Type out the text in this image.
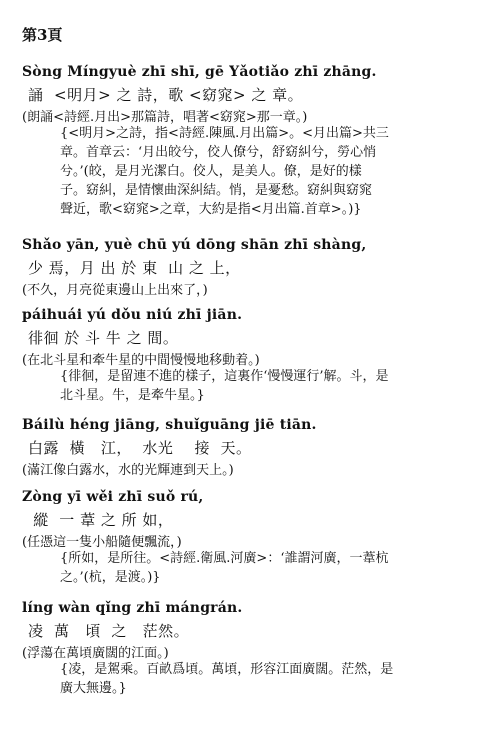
第3頁
Sòng Míngyuè zhī shī, gē Yǎotiǎo zhī zhāng.
誦  <明月> 之 詩，歌 <窈窕> 之 章。
(朗誦<詩經.月出>那篇詩，唱著<窈窕>那一章。)
{<明月>之詩，指<詩經.陳風.月出篇>。<月出篇>共三
章。首章云：‘月出皎兮，佼人僚兮，舒窈糾兮，勞心悄
兮。’(皎，是月光潔白。佼人，是美人。僚，是好的樣
子。窈糾，是情懷曲深糾結。悄，是憂愁。窈糾與窈窕
聲近，歌<窈窕>之章，大約是指<月出篇.首章>。)}
Shǎo yān, yuè chū yú dōng shān zhī shàng,
少 焉，月 出 於 東  山 之 上，
(不久，月亮從東邊山上出來了，)
páihuái yú dǒu niú zhī jiān.
徘徊 於 斗 牛 之 間。
(在北斗星和牽牛星的中間慢慢地移動着。)
{徘徊，是留連不進的樣子，這裏作‘慢慢運行’解。斗，是
北斗星。牛，是牽牛星。}
Báilù héng jiāng, shuǐguāng jiē tiān.
白露  橫   江，  水光    接  天。
(滿江像白露水，水的光輝連到天上。)
Zòng yī wěi zhī suǒ rú,
縱  一 葦 之 所 如，
(任憑這一隻小船隨便飄流，)
{所如，是所往。<詩經.衛風.河廣>：‘誰謂河廣，一葦杭
之。’(杭，是渡。)}
líng wàn qǐng zhī mángrán.
凌  萬   頃  之   茫然。
(浮蕩在萬頃廣闊的江面。)
{凌，是駕乘。百畝爲頃。萬頃，形容江面廣闊。茫然，是
廣大無邊。}
